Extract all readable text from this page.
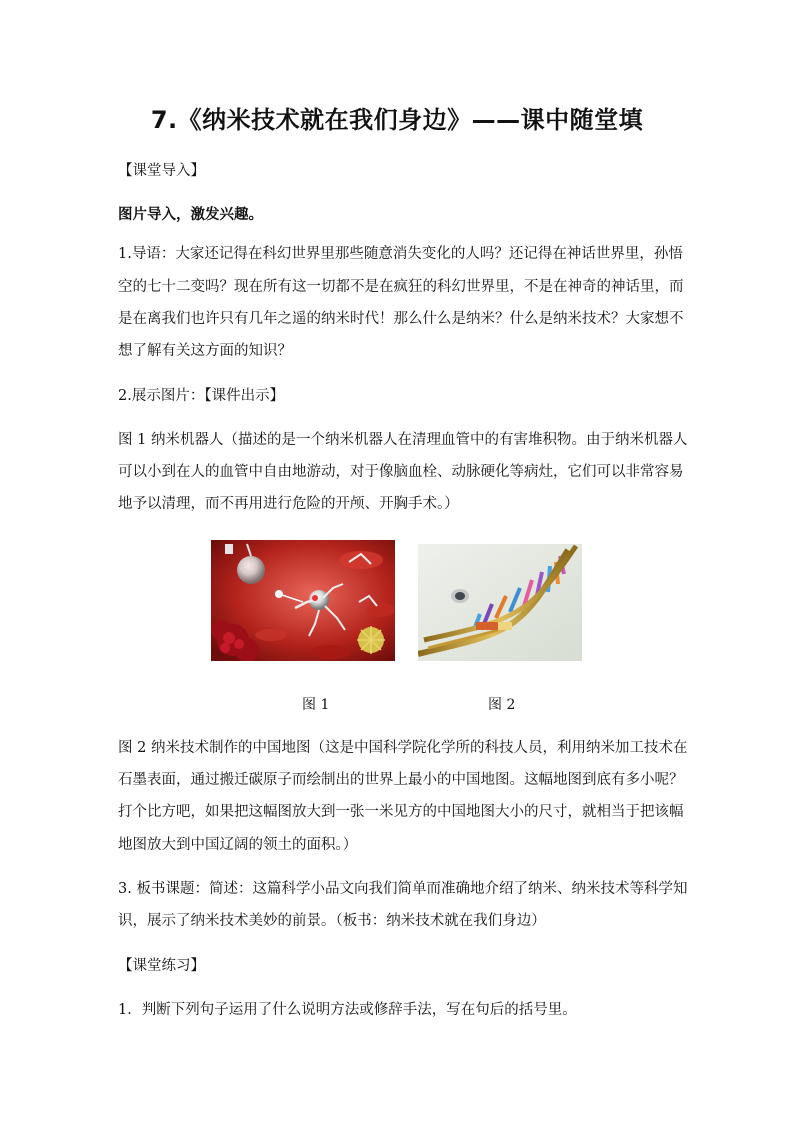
7.《纳米技术就在我们身边》——课中随堂填
【课堂导入】
图片导入，激发兴趣。
1.导语：大家还记得在科幻世界里那些随意消失变化的人吗？还记得在神话世界里，孙悟
空的七十二变吗？现在所有这一切都不是在疯狂的科幻世界里，不是在神奇的神话里，而
是在离我们也许只有几年之遥的纳米时代！那么什么是纳米？什么是纳米技术？大家想不
想了解有关这方面的知识？
2.展示图片：【课件出示】
图 1 纳米机器人（描述的是一个纳米机器人在清理血管中的有害堆积物。由于纳米机器人
可以小到在人的血管中自由地游动，对于像脑血栓、动脉硬化等病灶，它们可以非常容易
地予以清理，而不再用进行危险的开颅、开胸手术。）
图 1	图 2
图 2 纳米技术制作的中国地图（这是中国科学院化学所的科技人员，利用纳米加工技术在
石墨表面，通过搬迁碳原子而绘制出的世界上最小的中国地图。这幅地图到底有多小呢？
打个比方吧，如果把这幅图放大到一张一米见方的中国地图大小的尺寸，就相当于把该幅
地图放大到中国辽阔的领土的面积。）
3. 板书课题：简述：这篇科学小品文向我们简单而准确地介绍了纳米、纳米技术等科学知
识，展示了纳米技术美妙的前景。（板书：纳米技术就在我们身边）
【课堂练习】
1．判断下列句子运用了什么说明方法或修辞手法，写在句后的括号里。
